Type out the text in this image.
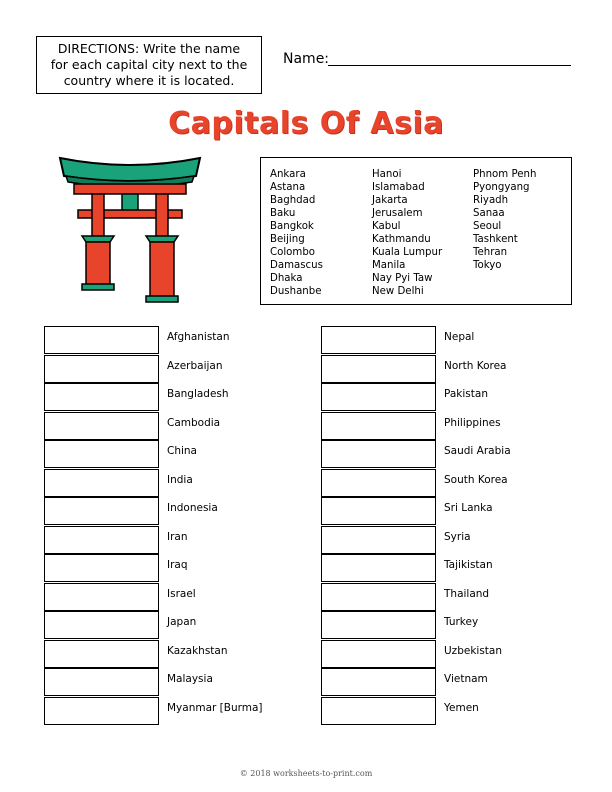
DIRECTIONS: Write the name
for each capital city next to the
country where it is located.
Name:
Capitals Of Asia
Ankara
Astana
Baghdad
Baku
Bangkok
Beijing
Colombo
Damascus
Dhaka
Dushanbe
Hanoi
Islamabad
Jakarta
Jerusalem
Kabul
Kathmandu
Kuala Lumpur
Manila
Nay Pyi Taw
New Delhi
Phnom Penh
Pyongyang
Riyadh
Sanaa
Seoul
Tashkent
Tehran
Tokyo
Afghanistan
Azerbaijan
Bangladesh
Cambodia
China
India
Indonesia
Iran
Iraq
Israel
Japan
Kazakhstan
Malaysia
Myanmar [Burma]
Nepal
North Korea
Pakistan
Philippines
Saudi Arabia
South Korea
Sri Lanka
Syria
Tajikistan
Thailand
Turkey
Uzbekistan
Vietnam
Yemen
© 2018 worksheets-to-print.com
